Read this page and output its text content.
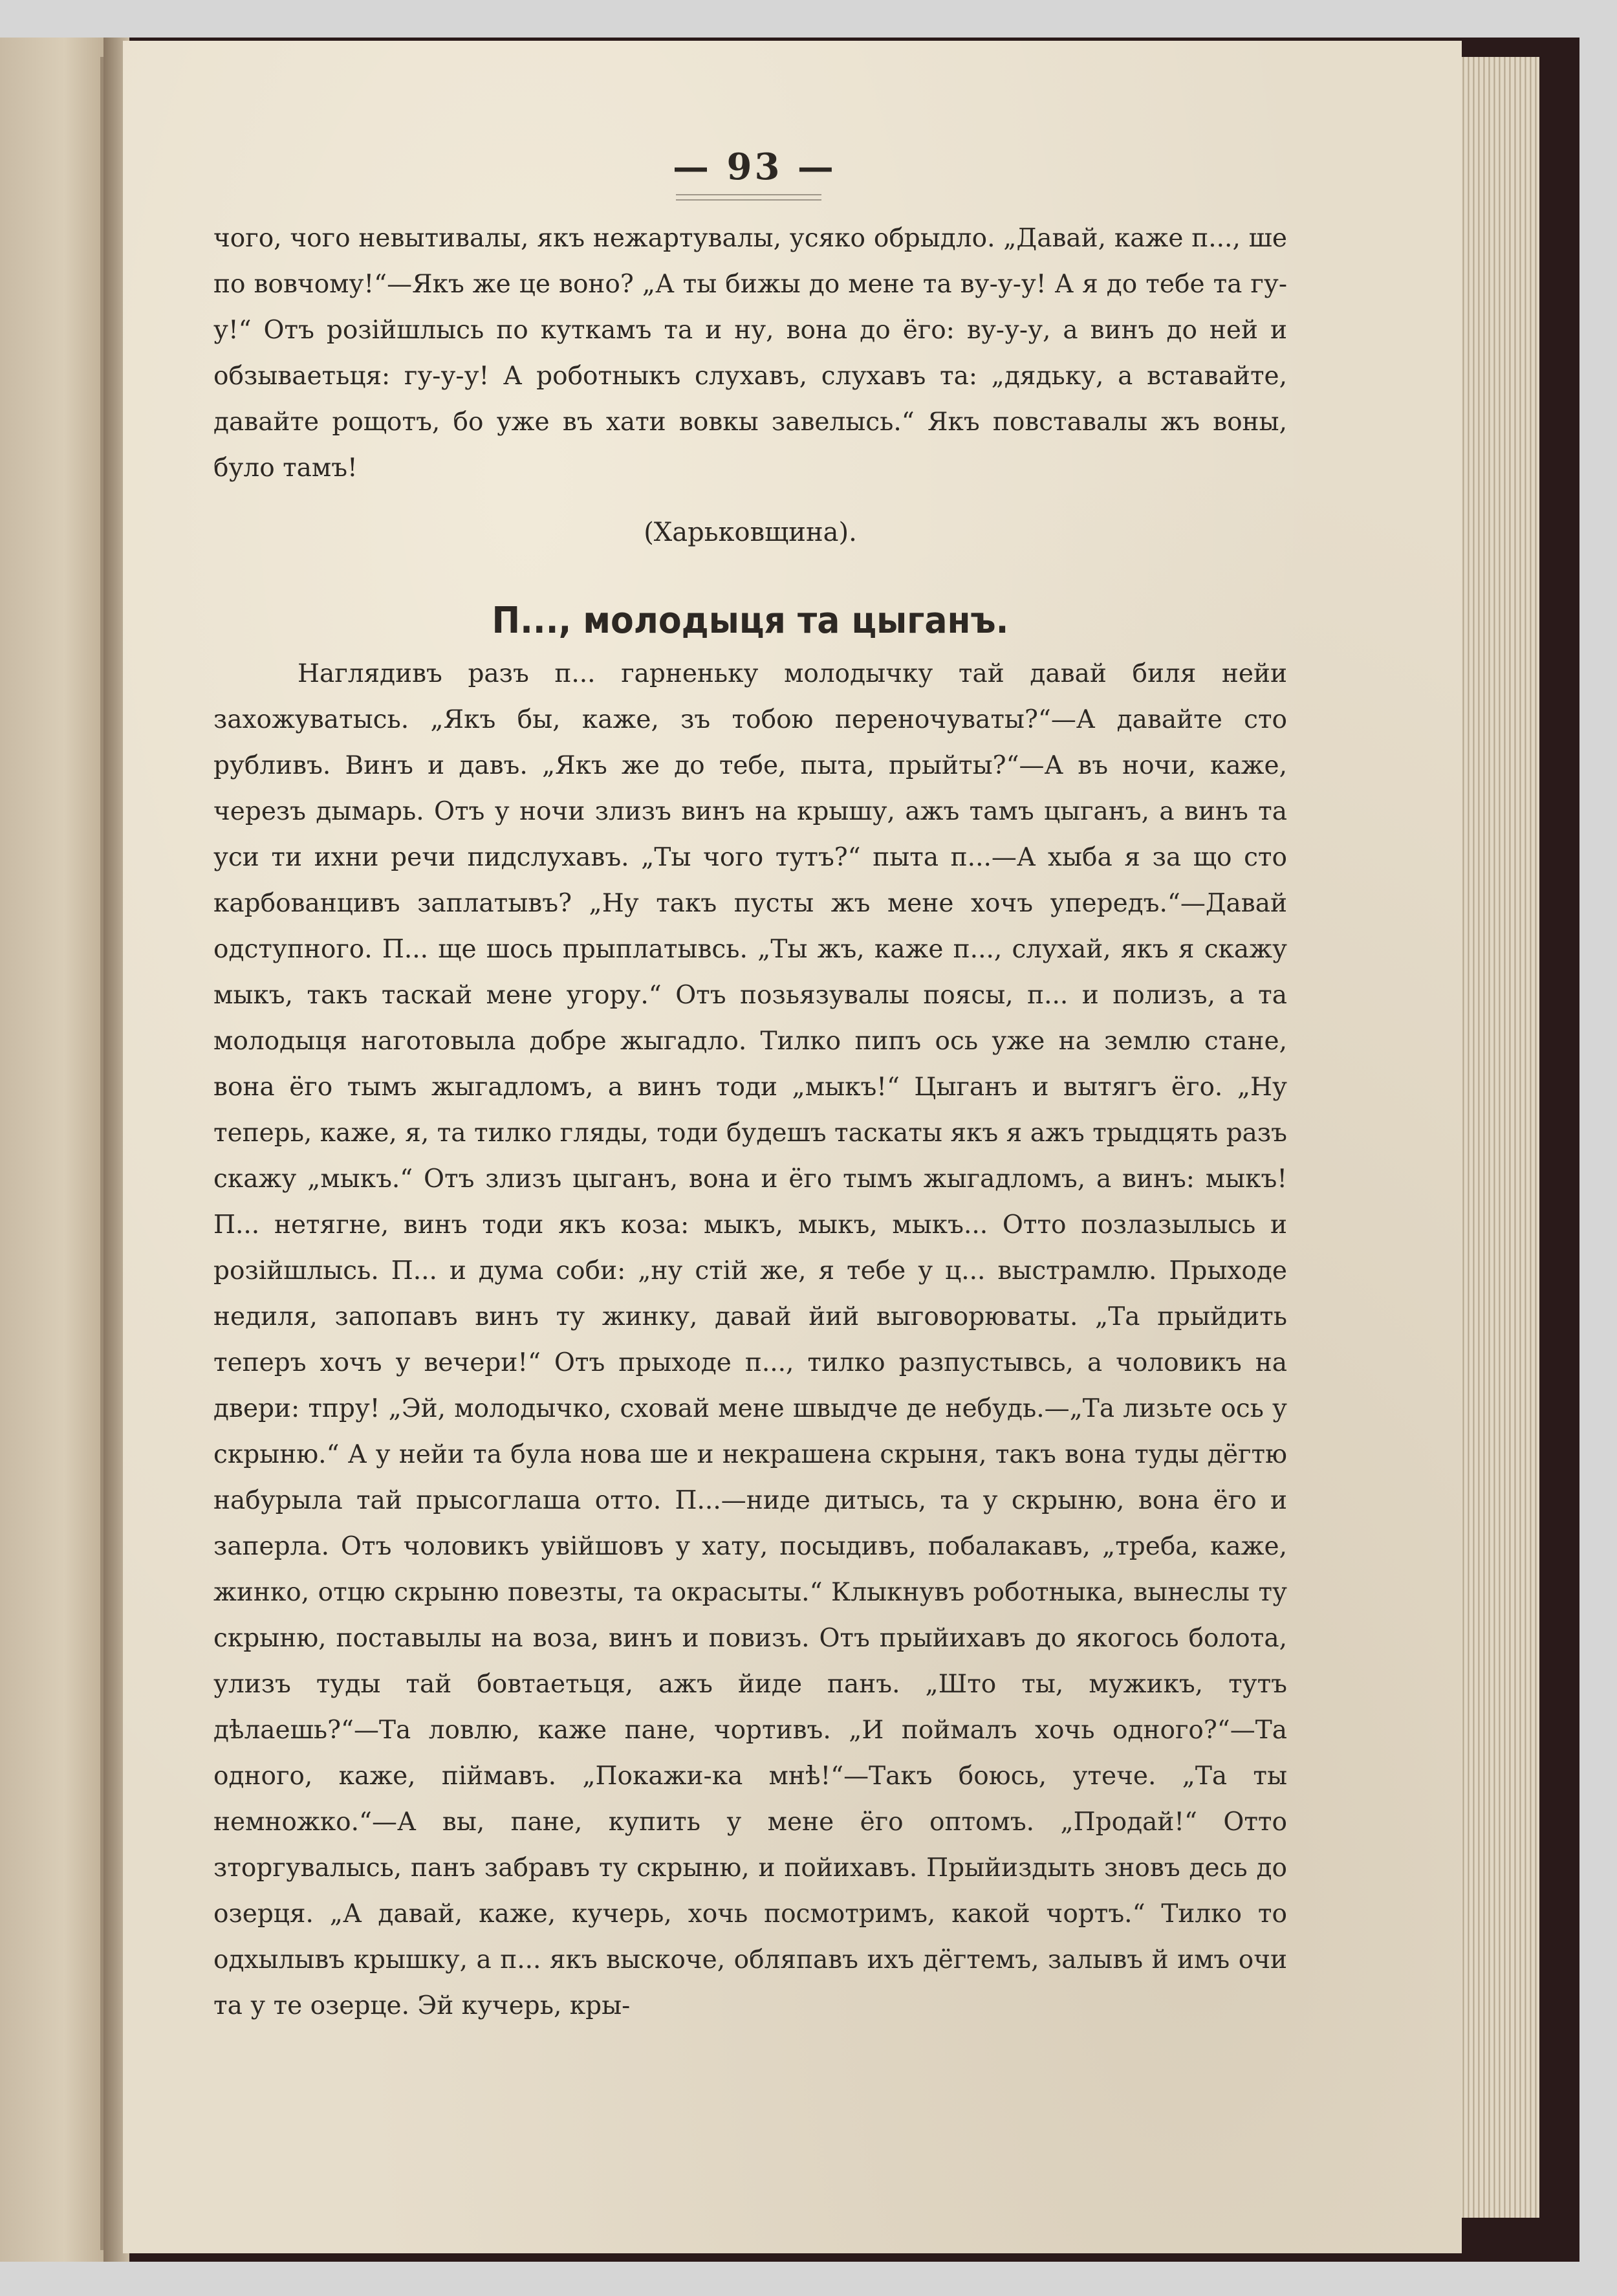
— 93 —

чого, чого невытивалы, якъ нежартувалы, усяко обрыдло. „Давай, каже п..., ше по вовчому!“—Якъ же це воно? „А ты бижы до мене та ву-у-у! А я до тебе та гу-у!“ Отъ розійшлысь по куткамъ та и ну, вона до ёго: ву-у-у, а винъ до ней и обзываетьця: гу-у-у! А роботныкъ слухавъ, слухавъ та: „дядьку, а вставайте, давайте рощотъ, бо уже въ хати вовкы завелысь.“ Якъ повставалы жъ воны, було тамъ!

(Харьковщина).

П..., молодыця та цыганъ.

Наглядивъ разъ п... гарненьку молодычку тай давай биля нейи захожуватысь. „Якъ бы, каже, зъ тобою переночуваты?“—А давайте сто рубливъ. Винъ и давъ. „Якъ же до тебе, пыта, прыйты?“—А въ ночи, каже, черезъ дымарь. Отъ у ночи злизъ винъ на крышу, ажъ тамъ цыганъ, а винъ та уси ти ихни речи пидслухавъ. „Ты чого тутъ?“ пыта п...—А хыба я за що сто карбованцивъ заплатывъ? „Ну такъ пусты жъ мене хочъ упередъ.“—Давай одступного. П... ще шось прыплатывсь. „Ты жъ, каже п..., слухай, якъ я скажу мыкъ, такъ таскай мене угору.“ Отъ позьязувалы поясы, п... и полизъ, а та молодыця наготовыла добре жыгадло. Тилко пипъ ось уже на землю стане, вона ёго тымъ жыгадломъ, а винъ тоди „мыкъ!“ Цыганъ и вытягъ ёго. „Ну теперь, каже, я, та тилко гляды, тоди будешъ таскаты якъ я ажъ трыдцять разъ скажу „мыкъ.“ Отъ злизъ цыганъ, вона и ёго тымъ жыгадломъ, а винъ: мыкъ! П... нетягне, винъ тоди якъ коза: мыкъ, мыкъ, мыкъ... Отто позлазылысь и розійшлысь. П... и дума соби: „ну стій же, я тебе у ц... выстрамлю. Прыходе недиля, запопавъ винъ ту жинку, давай йий выговорюваты. „Та прыйдить теперъ хочъ у вечери!“ Отъ прыходе п..., тилко разпустывсь, а чоловикъ на двери: тпру! „Эй, молодычко, сховай мене швыдче де небудь.—„Та лизьте ось у скрыню.“ А у нейи та була нова ше и некрашена скрыня, такъ вона туды дёгтю набурыла тай прысоглаша отто. П...—ниде дитысь, та у скрыню, вона ёго и заперла. Отъ чоловикъ увійшовъ у хату, посыдивъ, побалакавъ, „треба, каже, жинко, отцю скрыню повезты, та окрасыты.“ Клыкнувъ роботныка, вынеслы ту скрыню, поставылы на воза, винъ и повизъ. Отъ прыйихавъ до якогось болота, улизъ туды тай бовтаетьця, ажъ йиде панъ. „Што ты, мужикъ, тутъ дѣлаешь?“—Та ловлю, каже пане, чортивъ. „И поймалъ хочь одного?“—Та одного, каже, піймавъ. „Покажи-ка мнѣ!“—Такъ боюсь, утече. „Та ты немножко.“—А вы, пане, купить у мене ёго оптомъ. „Продай!“ Отто зторгувалысь, панъ забравъ ту скрыню, и пойихавъ. Прыйиздыть зновъ десь до озерця. „А давай, каже, кучерь, хочь посмотримъ, какой чортъ.“ Тилко то одхылывъ крышку, а п... якъ выскоче, обляпавъ ихъ дёгтемъ, залывъ й имъ очи та у те озерце. Эй кучерь, кры-
